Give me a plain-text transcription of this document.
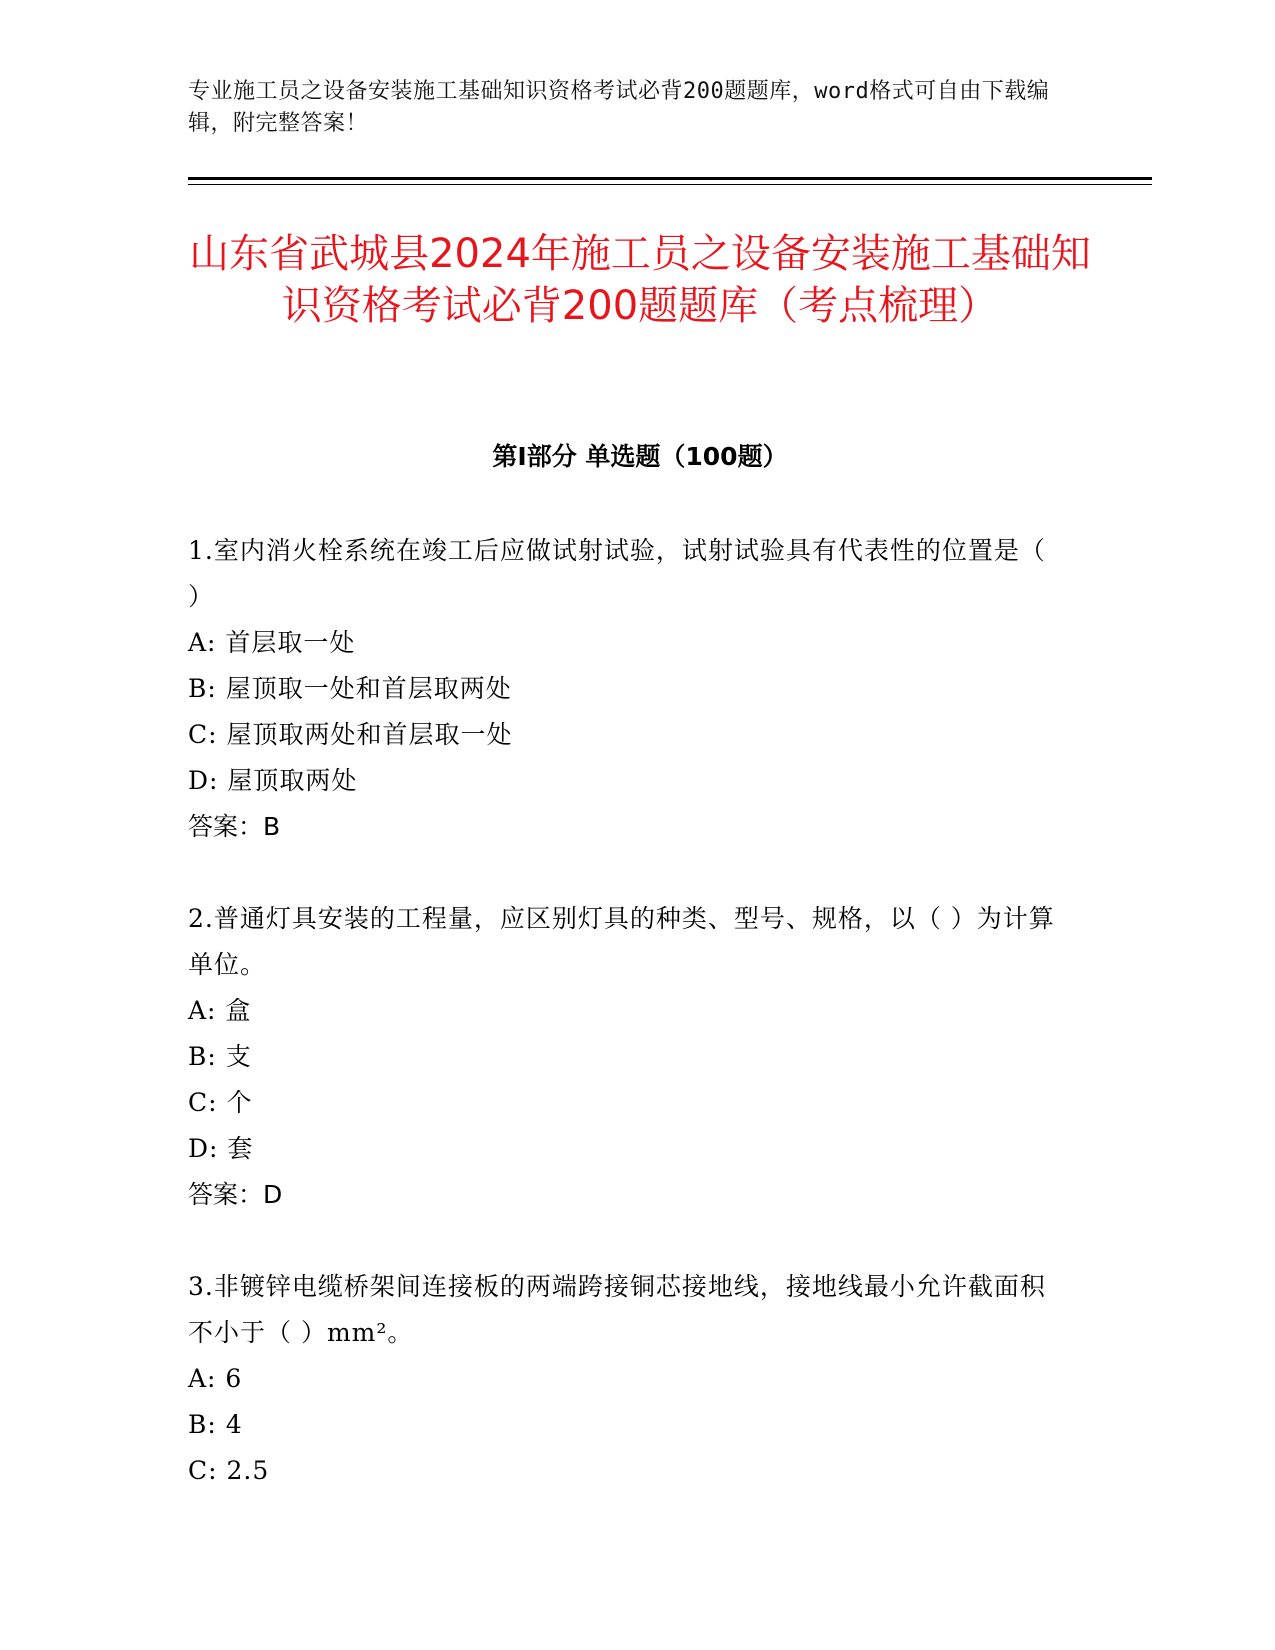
专业施工员之设备安装施工基础知识资格考试必背200题题库，word格式可自由下载编辑，附完整答案！
山东省武城县2024年施工员之设备安装施工基础知识资格考试必背200题题库（考点梳理）
第I部分 单选题（100题）

1.室内消火栓系统在竣工后应做试射试验，试射试验具有代表性的位置是（ ）

A: 首层取一处

B: 屋顶取一处和首层取两处

C: 屋顶取两处和首层取一处

D: 屋顶取两处

答案：B

2.普通灯具安装的工程量，应区别灯具的种类、型号、规格，以（ ）为计算单位。

A: 盒

B: 支

C: 个

D: 套

答案：D

3.非镀锌电缆桥架间连接板的两端跨接铜芯接地线，接地线最小允许截面积不小于（ ）mm²。

A: 6

B: 4

C: 2.5
